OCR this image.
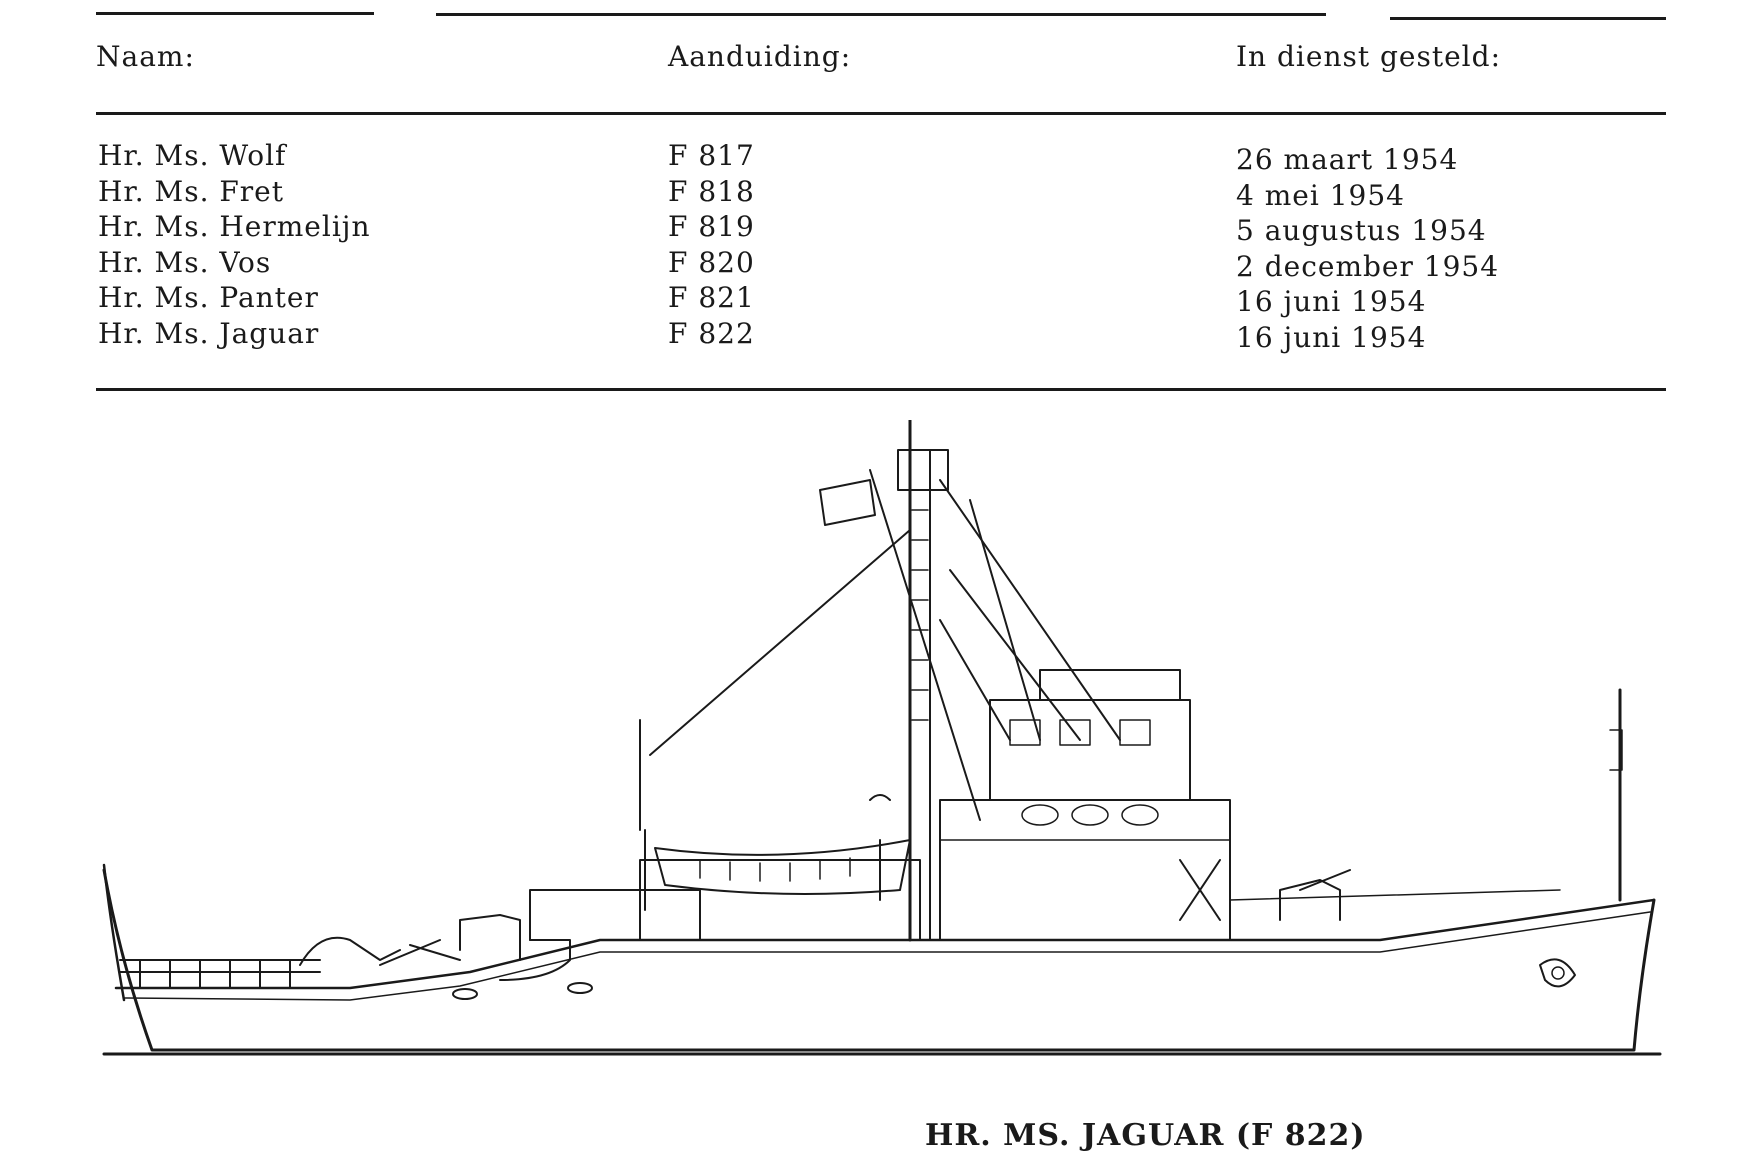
Naam:	Aanduiding:	In dienst gesteld:
Hr. Ms. Wolf
Hr. Ms. Fret
Hr. Ms. Hermelijn
Hr. Ms. Vos
Hr. Ms. Panter
Hr. Ms. Jaguar
F 817
F 818
F 819
F 820
F 821
F 822
26 maart 1954
4 mei 1954
5 augustus 1954
2 december 1954
16 juni 1954
16 juni 1954
HR. MS. JAGUAR (F 822)
